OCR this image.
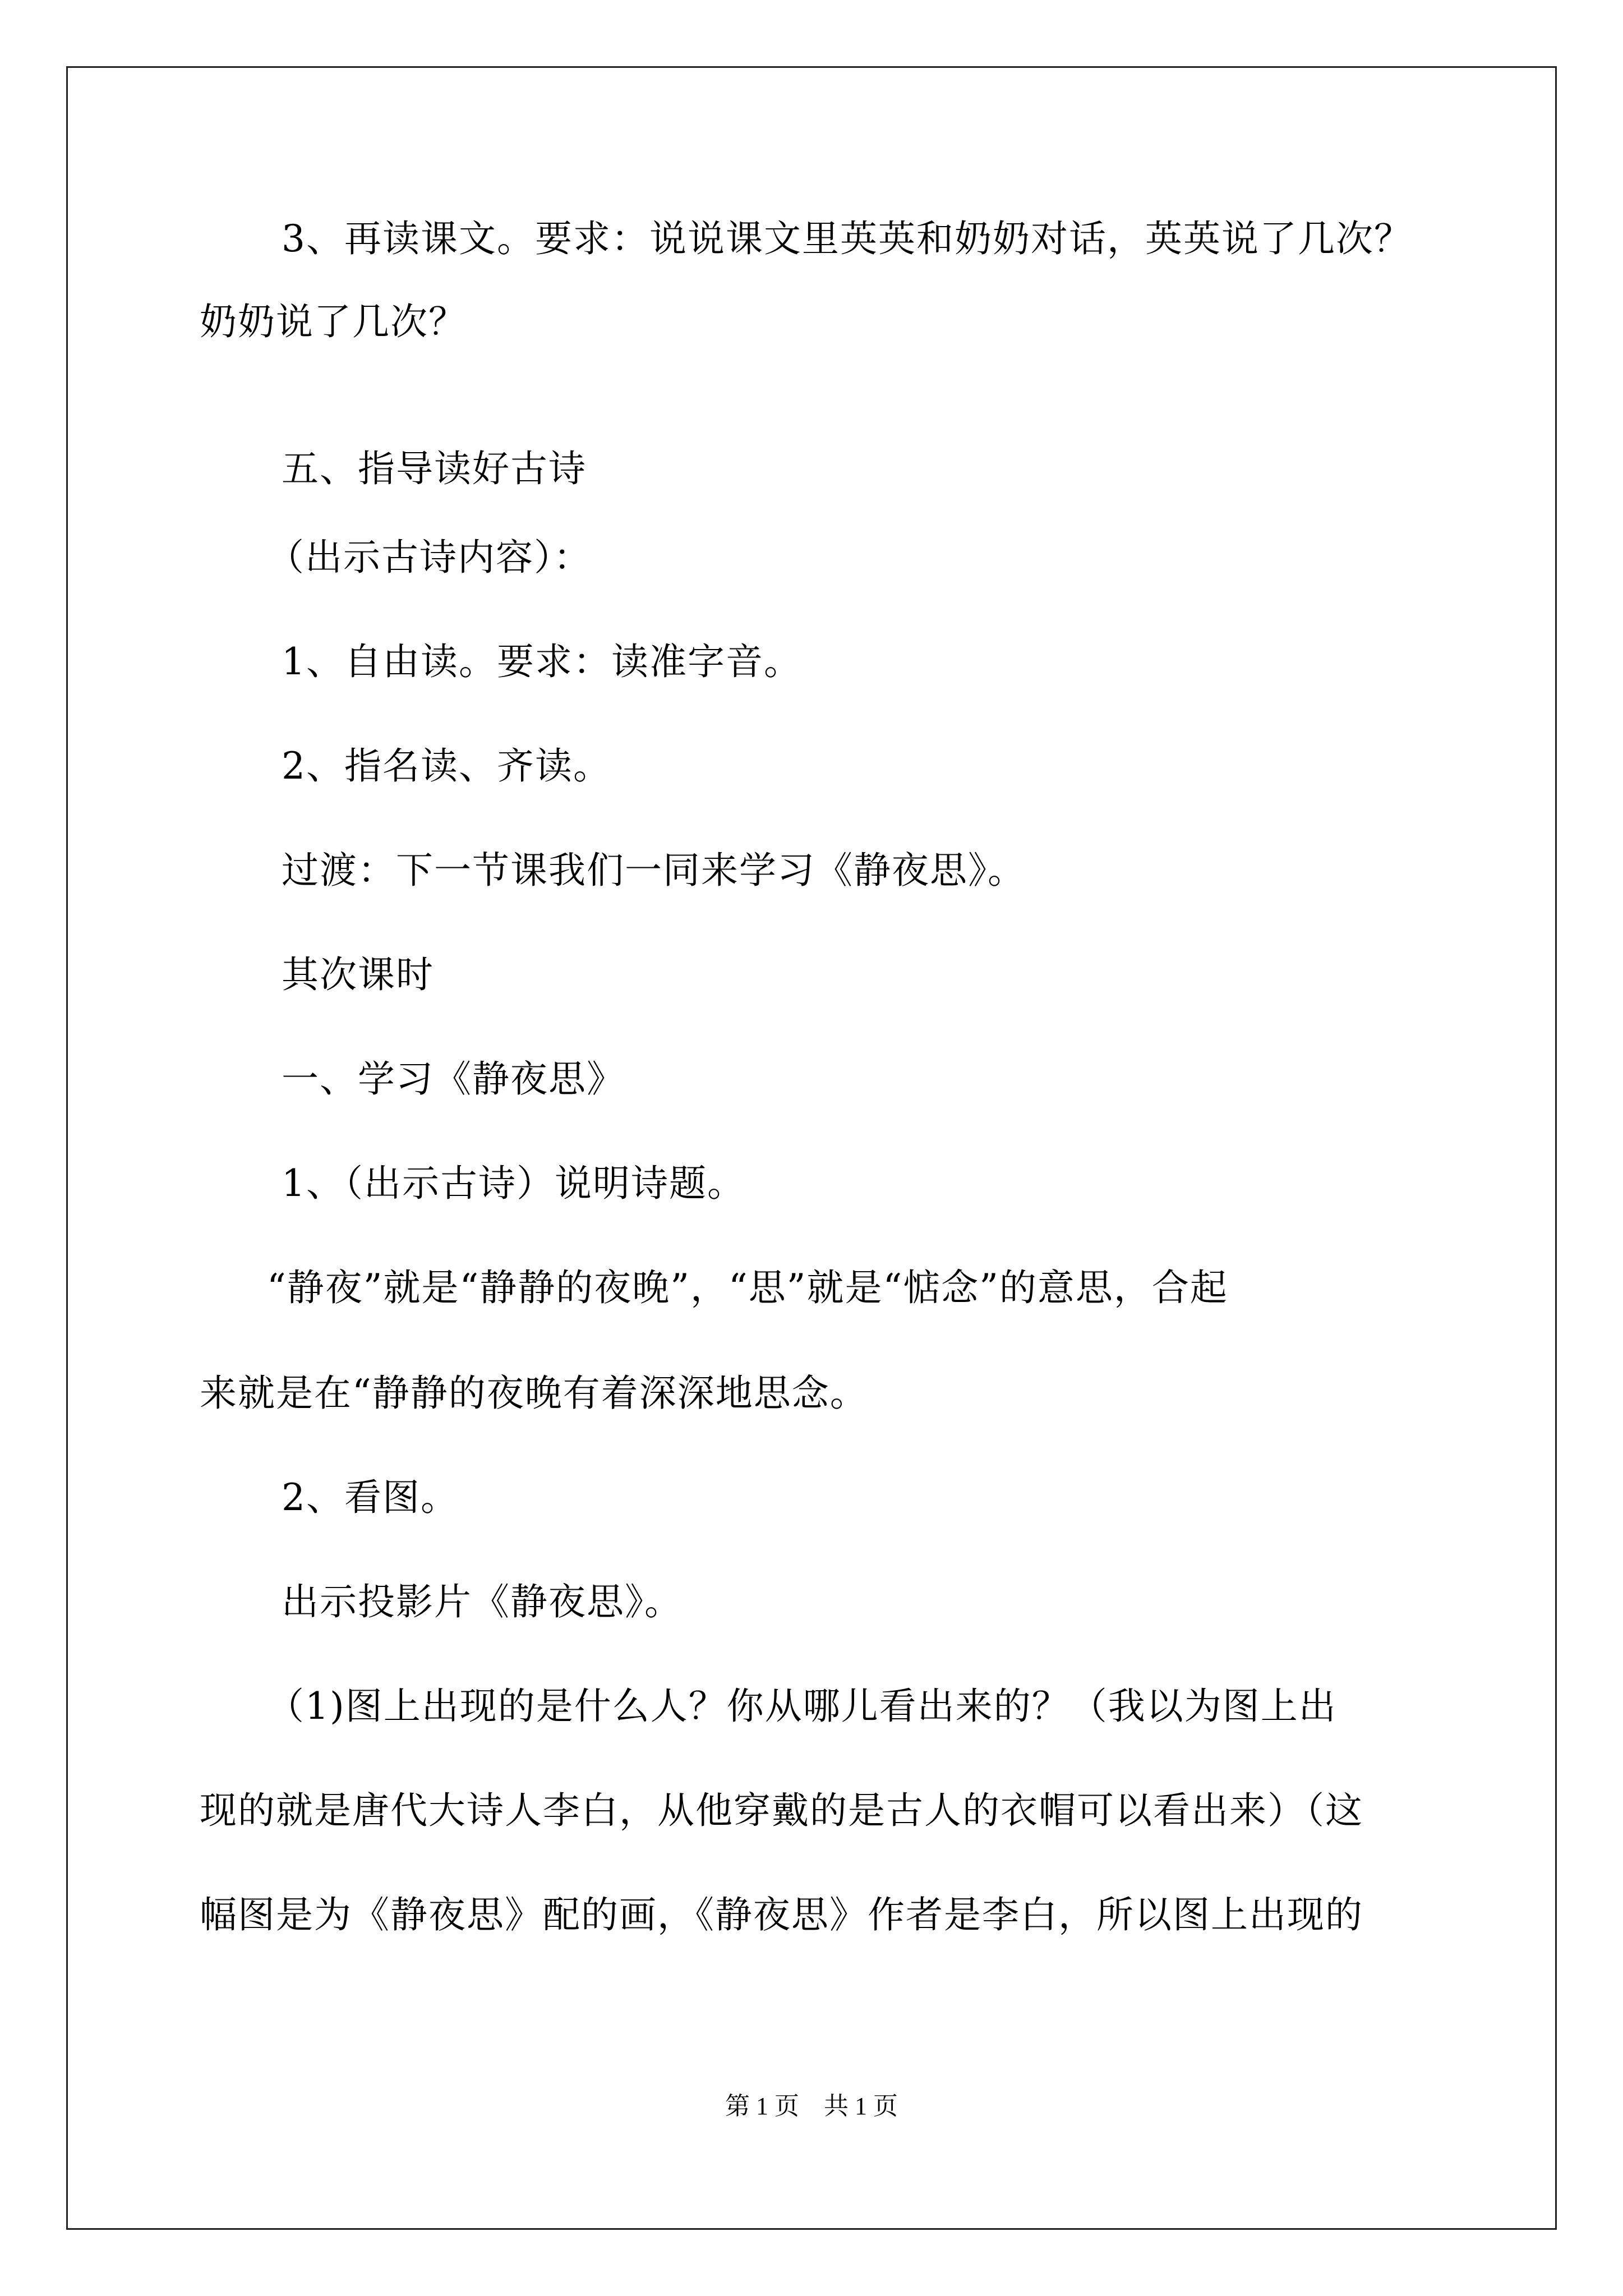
3、再读课文。要求：说说课文里英英和奶奶对话，英英说了几次？
奶奶说了几次？
五、指导读好古诗
（出示古诗内容）：
1、自由读。要求：读准字音。
2、指名读、齐读。
过渡：下一节课我们一同来学习《静夜思》。
其次课时
一、学习《静夜思》
1、（出示古诗）说明诗题。
“静夜”就是“静静的夜晚”，“思”就是“惦念”的意思，合起
来就是在“静静的夜晚有着深深地思念。
2、看图。
出示投影片《静夜思》。
（1)图上出现的是什么人？你从哪儿看出来的？（我以为图上出
现的就是唐代大诗人李白，从他穿戴的是古人的衣帽可以看出来）（这
幅图是为《静夜思》配的画，《静夜思》作者是李白，所以图上出现的
第 1 页　共 1 页
